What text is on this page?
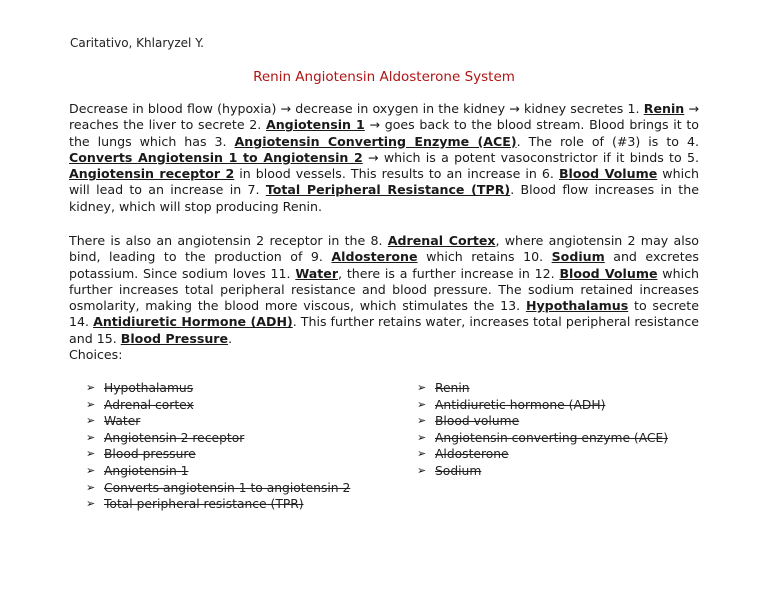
Caritativo, Khlaryzel Y.
Renin Angiotensin Aldosterone System

Decrease in blood flow (hypoxia) → decrease in oxygen in the kidney → kidney secretes 1. Renin → reaches the liver to secrete 2. Angiotensin 1 → goes back to the blood stream. Blood brings it to the lungs which has 3. Angiotensin Converting Enzyme (ACE). The role of (#3) is to 4. Converts Angiotensin 1 to Angiotensin 2 → which is a potent vasoconstrictor if it binds to 5. Angiotensin receptor 2 in blood vessels. This results to an increase in 6. Blood Volume which will lead to an increase in 7. Total Peripheral Resistance (TPR). Blood flow increases in the kidney, which will stop producing Renin.

There is also an angiotensin 2 receptor in the 8. Adrenal Cortex, where angiotensin 2 may also bind, leading to the production of 9. Aldosterone which retains 10. Sodium and excretes potassium. Since sodium loves 11. Water, there is a further increase in 12. Blood Volume which further increases total peripheral resistance and blood pressure. The sodium retained increases osmolarity, making the blood more viscous, which stimulates the 13. Hypothalamus to secrete 14. Antidiuretic Hormone (ADH). This further retains water, increases total peripheral resistance and 15. Blood Pressure.

Choices:
➢ Hypothalamus
➢ Adrenal cortex
➢ Water
➢ Angiotensin 2 receptor
➢ Blood pressure
➢ Angiotensin 1
➢ Converts angiotensin 1 to angiotensin 2
➢ Total peripheral resistance (TPR)
➢ Renin
➢ Antidiuretic hormone (ADH)
➢ Blood volume
➢ Angiotensin converting enzyme (ACE)
➢ Aldosterone
➢ Sodium
